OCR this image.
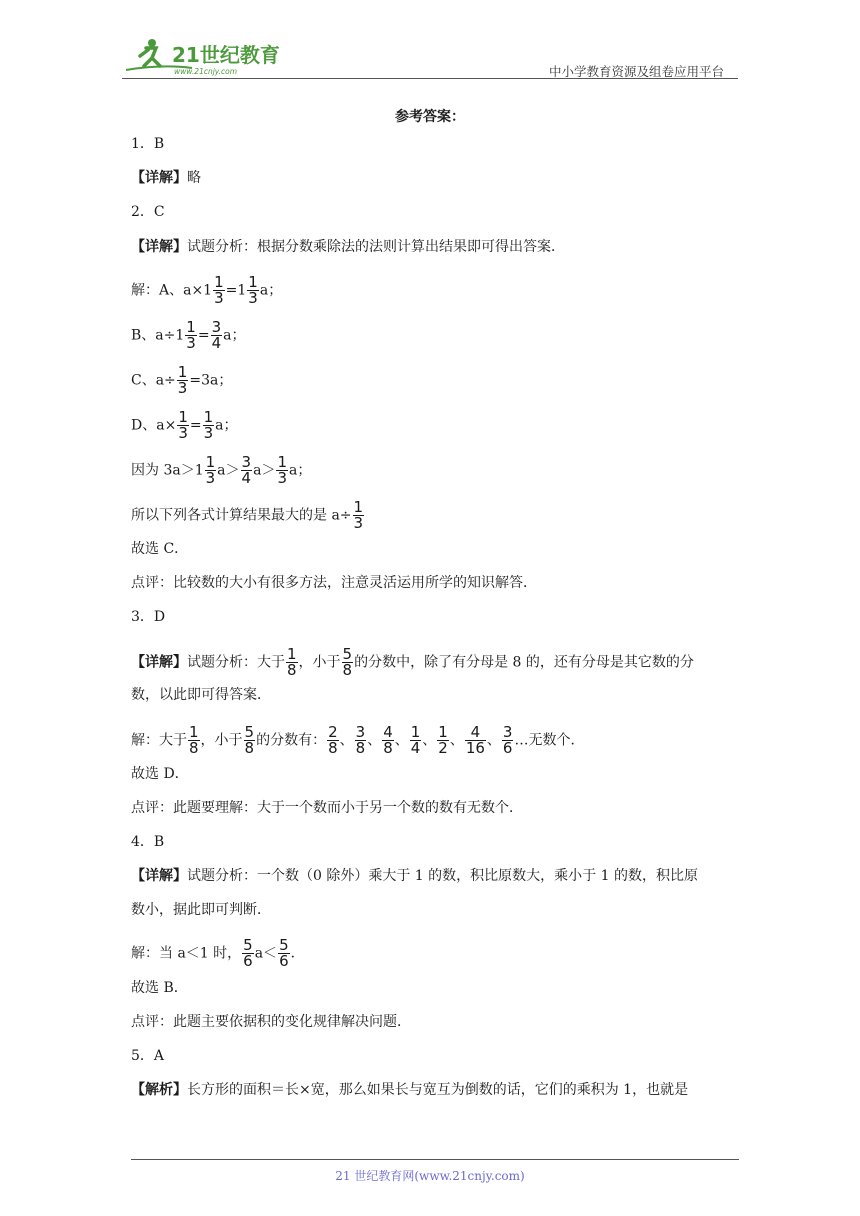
21世纪教育
www.21cnjy.com	中小学教育资源及组卷应用平台
参考答案：
1．B
【详解】略
2．C
【详解】试题分析：根据分数乘除法的法则计算出结果即可得出答案．
解：A、$a\times 1 \frac{1}{3} =1 \frac{1}{3}$ a；
B、$a\div 1 \frac{1}{3} = \frac{3}{4}$ a；
C、$a\div \frac{1}{3} =3a$；
D、$a\times \frac{1}{3} = \frac{1}{3}$ a；
因为 $3a>1 \frac{1}{3} a> \frac{3}{4} a> \frac{1}{3}$ a；
所以下列各式计算结果最大的是 $a\div \frac{1}{3}$
故选 C．
点评：比较数的大小有很多方法，注意灵活运用所学的知识解答．
3．D
【详解】试题分析：大于 $\frac{1}{8}$ ，小于 $\frac{5}{8}$ 的分数中，除了有分母是 8 的，还有分母是其它数的分
数，以此即可得答案．
解：大于 $\frac{1}{8}$ ，小于 $\frac{5}{8}$ 的分数有： $\frac{2}{8}$ 、 $\frac{3}{8}$ 、 $\frac{4}{8}$ 、 $\frac{1}{4}$ 、 $\frac{1}{2}$ 、 $\frac{4}{16}$ 、 $\frac{3}{6}$ …无数个．
故选 D．
点评：此题要理解：大于一个数而小于另一个数的数有无数个．
4．B
【详解】试题分析：一个数（0 除外）乘大于 1 的数，积比原数大，乘小于 1 的数，积比原
数小，据此即可判断．
解：当 a＜1 时， $\frac{5}{6} a< \frac{5}{6}$ ．
故选 B．
点评：此题主要依据积的变化规律解决问题．
5．A
【解析】长方形的面积＝长×宽，那么如果长与宽互为倒数的话，它们的乘积为 1，也就是
21 世纪教育网(www.21cnjy.com)
